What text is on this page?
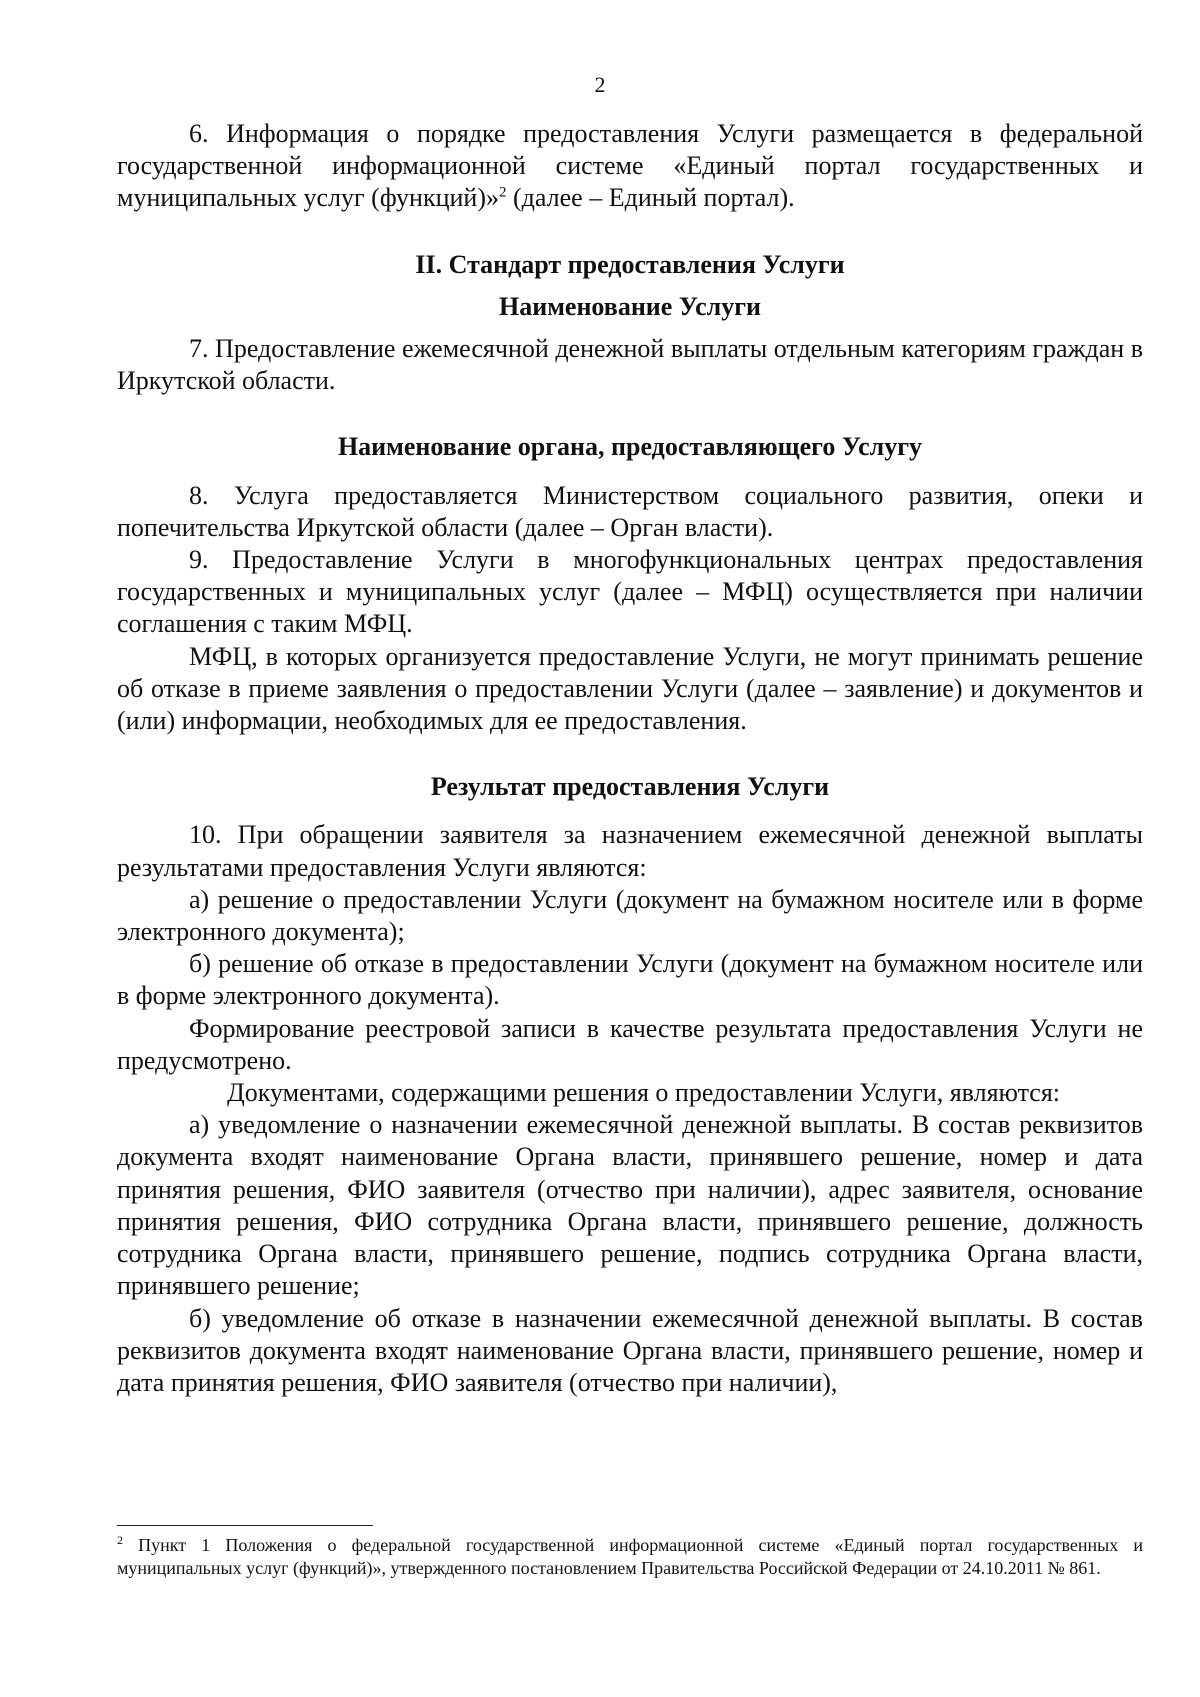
2

6. Информация о порядке предоставления Услуги размещается в федеральной государственной информационной системе «Единый портал государственных и муниципальных услуг (функций)»$^2$ (далее – Единый портал).

II. Стандарт предоставления Услуги
Наименование Услуги

7. Предоставление ежемесячной денежной выплаты отдельным категориям граждан в Иркутской области.

Наименование органа, предоставляющего Услугу

8. Услуга предоставляется Министерством социального развития, опеки и попечительства Иркутской области (далее – Орган власти).

9. Предоставление Услуги в многофункциональных центрах предоставления государственных и муниципальных услуг (далее – МФЦ) осуществляется при наличии соглашения с таким МФЦ.

МФЦ, в которых организуется предоставление Услуги, не могут принимать решение об отказе в приеме заявления о предоставлении Услуги (далее – заявление) и документов и (или) информации, необходимых для ее предоставления.

Результат предоставления Услуги

10. При обращении заявителя за назначением ежемесячной денежной выплаты результатами предоставления Услуги являются:

а) решение о предоставлении Услуги (документ на бумажном носителе или в форме электронного документа);

б) решение об отказе в предоставлении Услуги (документ на бумажном носителе или в форме электронного документа).

Формирование реестровой записи в качестве результата предоставления Услуги не предусмотрено.

Документами, содержащими решения о предоставлении Услуги, являются:

а) уведомление о назначении ежемесячной денежной выплаты. В состав реквизитов документа входят наименование Органа власти, принявшего решение, номер и дата принятия решения, ФИО заявителя (отчество при наличии), адрес заявителя, основание принятия решения, ФИО сотрудника Органа власти, принявшего решение, должность сотрудника Органа власти, принявшего решение, подпись сотрудника Органа власти, принявшего решение;

б) уведомление об отказе в назначении ежемесячной денежной выплаты. В состав реквизитов документа входят наименование Органа власти, принявшего решение, номер и дата принятия решения, ФИО заявителя (отчество при наличии),

$^2$ Пункт 1 Положения о федеральной государственной информационной системе «Единый портал государственных и муниципальных услуг (функций)», утвержденного постановлением Правительства Российской Федерации от 24.10.2011 № 861.
